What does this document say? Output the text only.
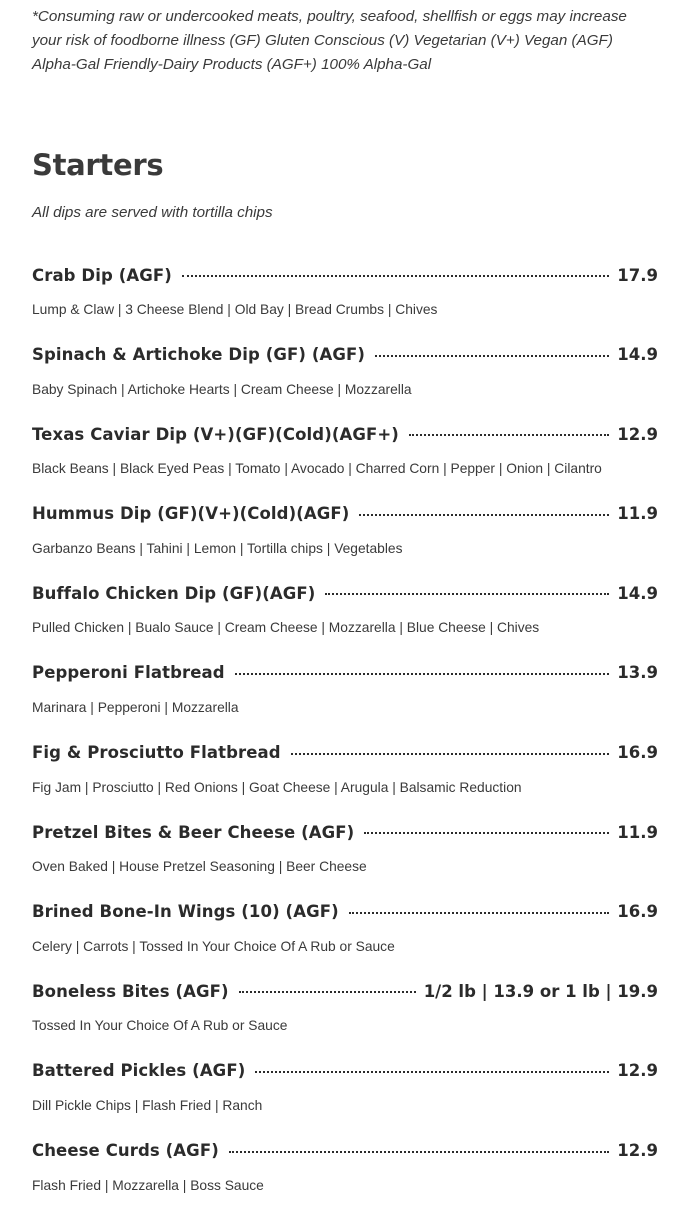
*Consuming raw or undercooked meats, poultry, seafood, shellfish or eggs may increase your risk of foodborne illness (GF) Gluten Conscious (V) Vegetarian (V+) Vegan (AGF) Alpha-Gal Friendly-Dairy Products (AGF+) 100% Alpha-Gal

Starters
All dips are served with tortilla chips
Crab Dip (AGF)	17.9
Lump & Claw | 3 Cheese Blend | Old Bay | Bread Crumbs | Chives
Spinach & Artichoke Dip (GF) (AGF)	14.9
Baby Spinach | Artichoke Hearts | Cream Cheese | Mozzarella
Texas Caviar Dip (V+)(GF)(Cold)(AGF+)	12.9
Black Beans | Black Eyed Peas | Tomato | Avocado | Charred Corn | Pepper | Onion | Cilantro
Hummus Dip (GF)(V+)(Cold)(AGF)	11.9
Garbanzo Beans | Tahini | Lemon | Tortilla chips | Vegetables
Buffalo Chicken Dip (GF)(AGF)	14.9
Pulled Chicken | Bualo Sauce | Cream Cheese | Mozzarella | Blue Cheese | Chives
Pepperoni Flatbread	13.9
Marinara | Pepperoni | Mozzarella
Fig & Prosciutto Flatbread	16.9
Fig Jam | Prosciutto | Red Onions | Goat Cheese | Arugula | Balsamic Reduction
Pretzel Bites & Beer Cheese (AGF)	11.9
Oven Baked | House Pretzel Seasoning | Beer Cheese
Brined Bone-In Wings (10) (AGF)	16.9
Celery | Carrots | Tossed In Your Choice Of A Rub or Sauce
Boneless Bites (AGF)	1/2 lb | 13.9 or 1 lb | 19.9
Tossed In Your Choice Of A Rub or Sauce
Battered Pickles (AGF)	12.9
Dill Pickle Chips | Flash Fried | Ranch
Cheese Curds (AGF)	12.9
Flash Fried | Mozzarella | Boss Sauce
